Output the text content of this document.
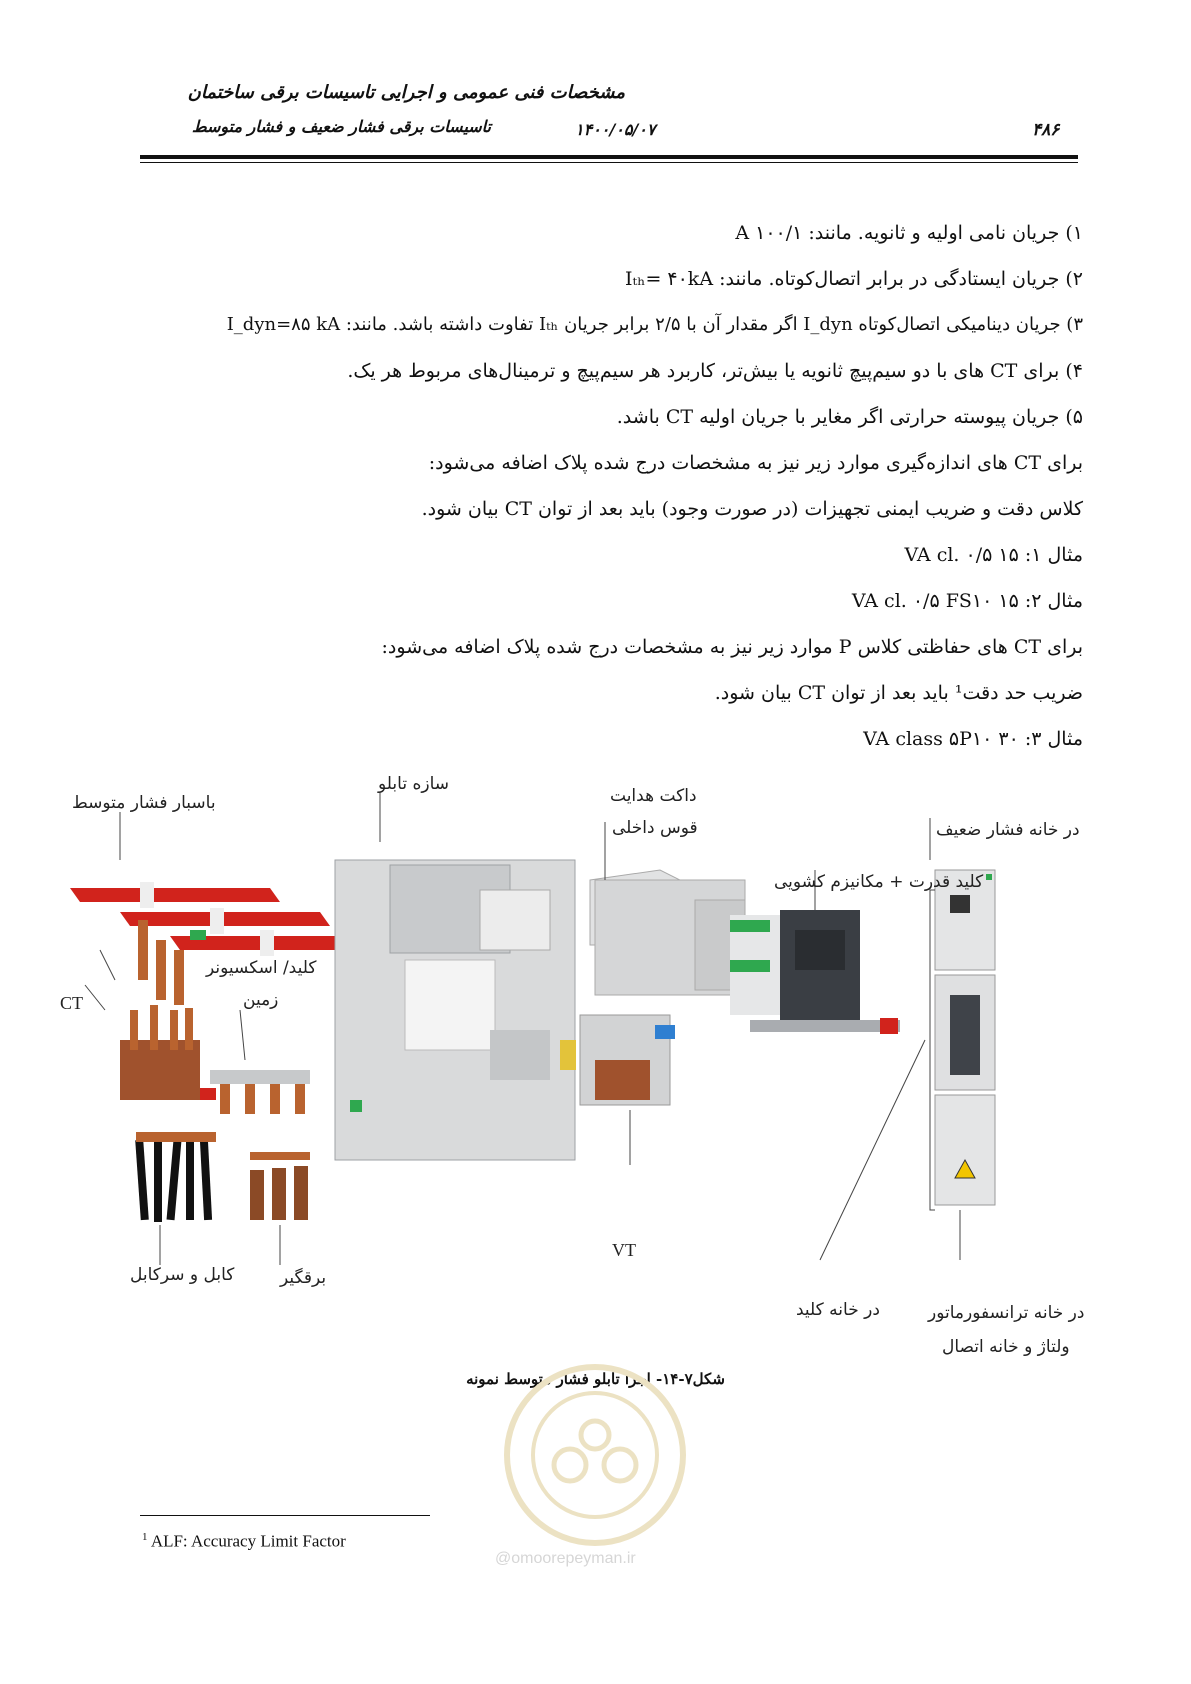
مشخصات فنی عمومی و اجرایی تاسیسات برقی ساختمان
تاسیسات برقی فشار ضعیف و فشار متوسط	۱۴۰۰/۰۵/۰۷	۴۸۶
۱) جریان نامی اولیه و ثانویه. مانند: A ۱۰۰/۱
۲) جریان ایستادگی در برابر اتصال‌کوتاه. مانند: Iₜₕ= ۴۰kA
۳) جریان دینامیکی اتصال‌کوتاه I_dyn اگر مقدار آن با ۲/۵ برابر جریان Iₜₕ تفاوت داشته باشد. مانند: I_dyn=۸۵ kA
۴) برای CT های با دو سیم‌پیچ ثانویه یا بیش‌تر، کاربرد هر سیم‌پیچ و ترمینال‌های مربوط هر یک.
۵) جریان پیوسته حرارتی اگر مغایر با جریان اولیه CT باشد.
برای CT های اندازه‌گیری موارد زیر نیز به مشخصات درج شده پلاک اضافه می‌شود:
کلاس دقت و ضریب ایمنی تجهیزات (در صورت وجود) باید بعد از توان CT بیان شود.
مثال ۱: ۱۵ VA cl. ۰/۵
مثال ۲: ۱۵ VA cl. ۰/۵ FS۱۰
برای CT های حفاظتی کلاس P موارد زیر نیز به مشخصات درج شده پلاک اضافه می‌شود:
ضریب حد دقت¹ باید بعد از توان CT بیان شود.
مثال ۳: ۳۰ VA class ۵P۱۰
باسبار فشار متوسط
سازه تابلو
داکت هدایت
قوس داخلی	در خانه فشار ضعیف
کلید قدرت + مکانیزم کشویی
کلید/ اسکسیونر
زمین
CT
VT
کابل و سرکابل	برقگیر
در خانه کلید	در خانه ترانسفورماتور
ولتاژ و خانه اتصال
شکل۷-۱۴- اجزا تابلو فشار متوسط نمونه
@omoorepeyman.ir
$^1$ ALF: Accuracy Limit Factor
